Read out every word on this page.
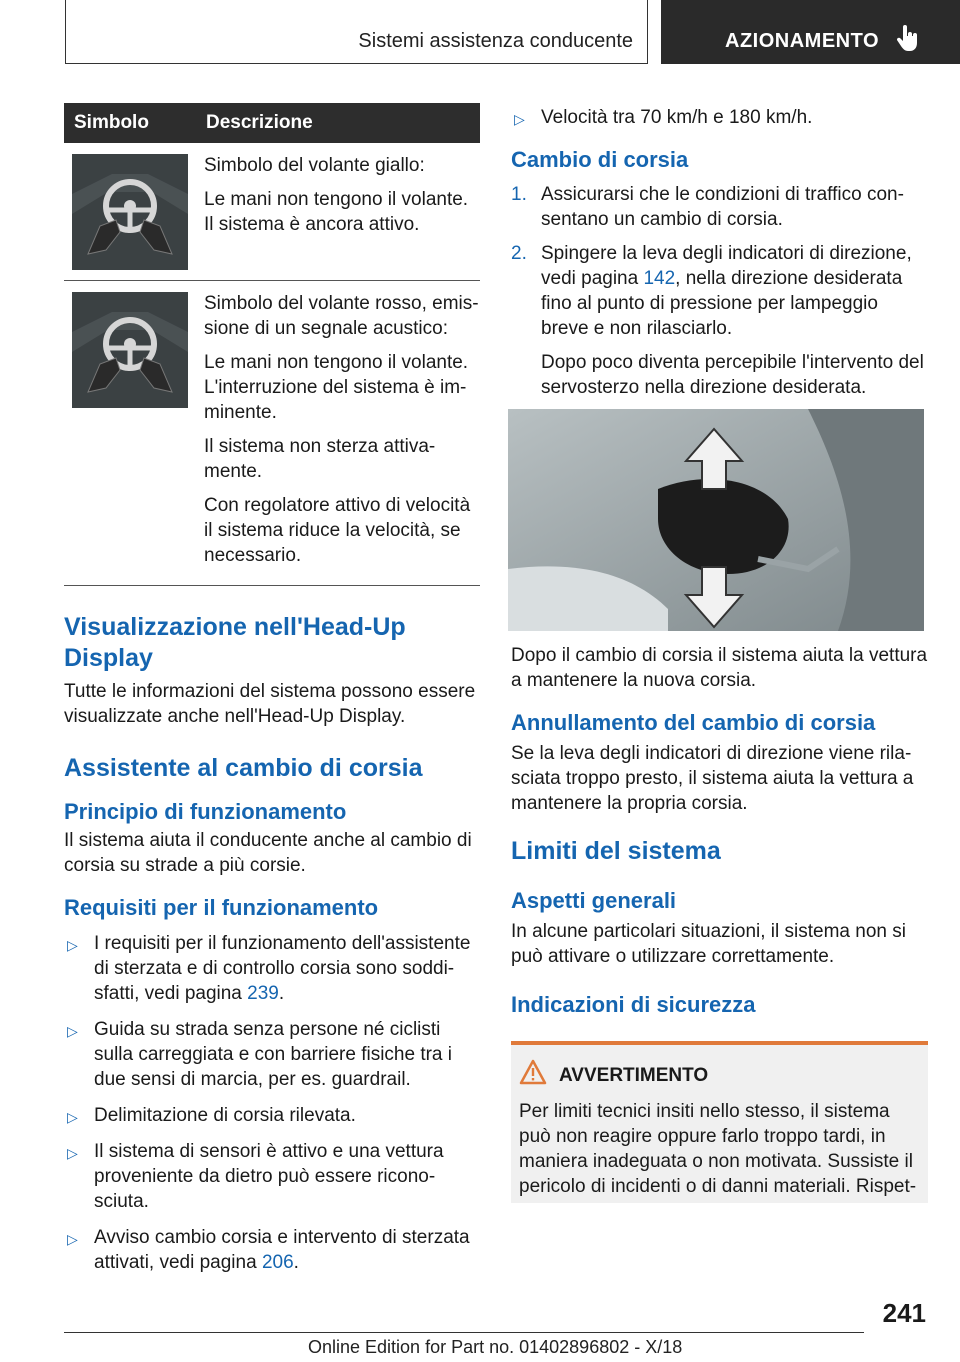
Sistemi assistenza conducente	AZIONAMENTO
Simbolo	Descrizione

Simbolo del volante giallo:

Le mani non tengono il volante. Il sistema è ancora attivo.

Simbolo del volante rosso, emis-sione di un segnale acustico:

Le mani non tengono il volante. L'interruzione del sistema è im-minente.

Il sistema non sterza attiva-mente.

Con regolatore attivo di velocità il sistema riduce la velocità, se necessario.

Visualizzazione nell'Head-Up Display

Tutte le informazioni del sistema possono essere visualizzate anche nell'Head-Up Display.

Assistente al cambio di corsia
Principio di funzionamento

Il sistema aiuta il conducente anche al cambio di corsia su strade a più corsie.

Requisiti per il funzionamento
▷ I requisiti per il funzionamento dell'assistente di sterzata e di controllo corsia sono soddi-sfatti, vedi pagina 239.
▷ Guida su strada senza persone né ciclisti sulla carreggiata e con barriere fisiche tra i due sensi di marcia, per es. guardrail.
▷ Delimitazione di corsia rilevata.
▷ Il sistema di sensori è attivo e una vettura proveniente da dietro può essere ricono-sciuta.
▷ Avviso cambio corsia e intervento di sterzata attivati, vedi pagina 206.
▷ Velocità tra 70 km/h e 180 km/h.
Cambio di corsia
1. Assicurarsi che le condizioni di traffico con-sentano un cambio di corsia.
2. Spingere la leva degli indicatori di direzione, vedi pagina 142, nella direzione desiderata fino al punto di pressione per lampeggio breve e non rilasciarlo.

Dopo poco diventa percepibile l'intervento del servosterzo nella direzione desiderata.

Dopo il cambio di corsia il sistema aiuta la vettura a mantenere la nuova corsia.

Annullamento del cambio di corsia

Se la leva degli indicatori di direzione viene rila-sciata troppo presto, il sistema aiuta la vettura a mantenere la propria corsia.

Limiti del sistema
Aspetti generali

In alcune particolari situazioni, il sistema non si può attivare o utilizzare correttamente.

Indicazioni di sicurezza
AVVERTIMENTO

Per limiti tecnici insiti nello stesso, il sistema può non reagire oppure farlo troppo tardi, in maniera inadeguata o non motivata. Sussiste il pericolo di incidenti o di danni materiali. Rispet-

241
Online Edition for Part no. 01402896802 - X/18
